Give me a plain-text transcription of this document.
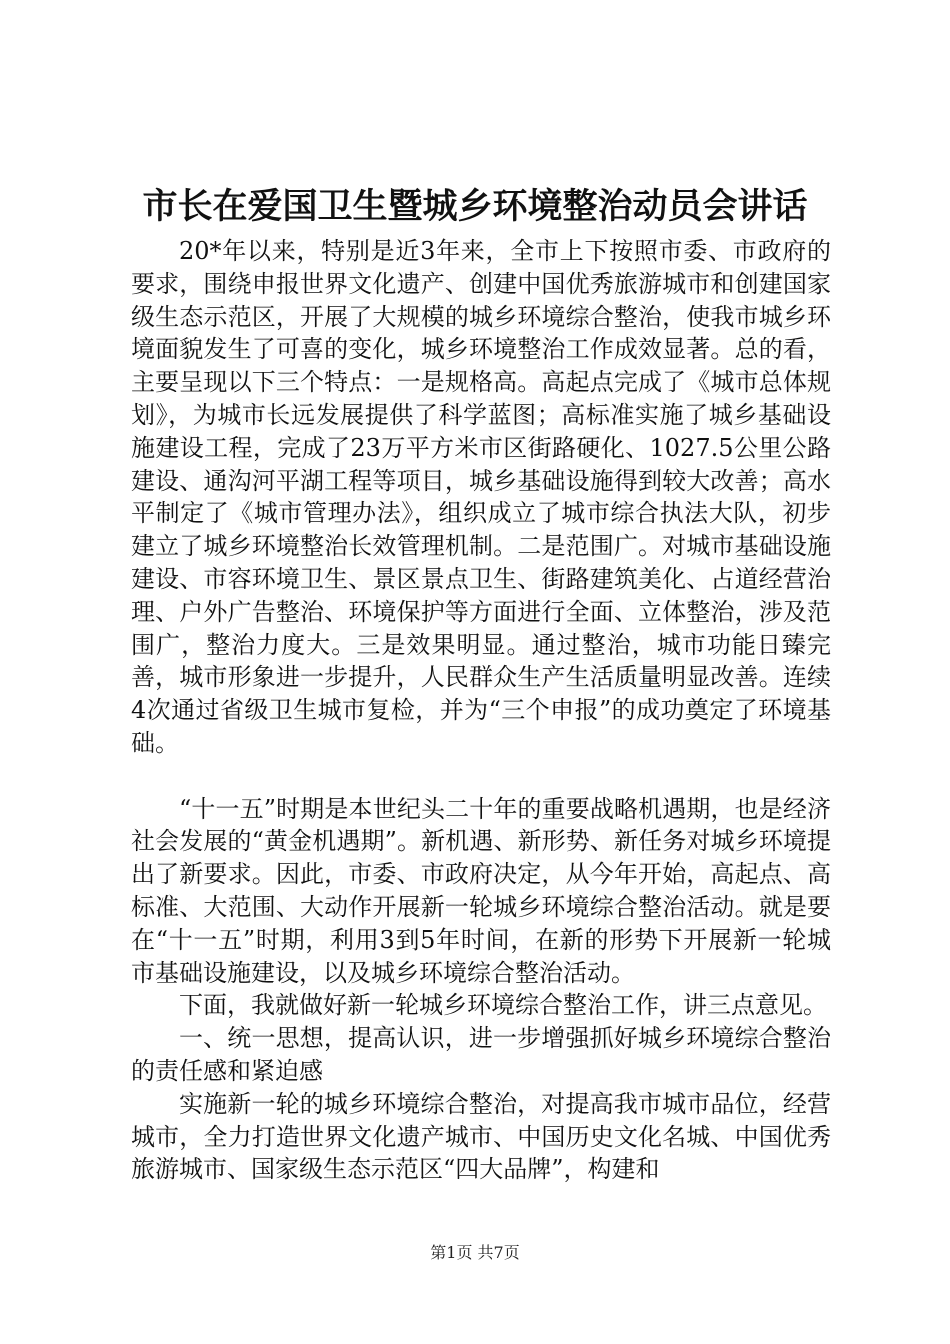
市长在爱国卫生暨城乡环境整治动员会讲话

20*年以来，特别是近3年来，全市上下按照市委、市政府的要求，围绕申报世界文化遗产、创建中国优秀旅游城市和创建国家级生态示范区，开展了大规模的城乡环境综合整治，使我市城乡环境面貌发生了可喜的变化，城乡环境整治工作成效显著。总的看，主要呈现以下三个特点：一是规格高。高起点完成了《城市总体规划》，为城市长远发展提供了科学蓝图；高标准实施了城乡基础设施建设工程，完成了23万平方米市区街路硬化、1027.5公里公路建设、通沟河平湖工程等项目，城乡基础设施得到较大改善；高水平制定了《城市管理办法》，组织成立了城市综合执法大队，初步建立了城乡环境整治长效管理机制。二是范围广。对城市基础设施建设、市容环境卫生、景区景点卫生、街路建筑美化、占道经营治理、户外广告整治、环境保护等方面进行全面、立体整治，涉及范围广，整治力度大。三是效果明显。通过整治，城市功能日臻完善，城市形象进一步提升，人民群众生产生活质量明显改善。连续4次通过省级卫生城市复检，并为“三个申报”的成功奠定了环境基础。

“十一五”时期是本世纪头二十年的重要战略机遇期，也是经济社会发展的“黄金机遇期”。新机遇、新形势、新任务对城乡环境提出了新要求。因此，市委、市政府决定，从今年开始，高起点、高标准、大范围、大动作开展新一轮城乡环境综合整治活动。就是要在“十一五”时期，利用3到5年时间，在新的形势下开展新一轮城市基础设施建设，以及城乡环境综合整治活动。

下面，我就做好新一轮城乡环境综合整治工作，讲三点意见。

一、统一思想，提高认识，进一步增强抓好城乡环境综合整治的责任感和紧迫感

实施新一轮的城乡环境综合整治，对提高我市城市品位，经营城市，全力打造世界文化遗产城市、中国历史文化名城、中国优秀旅游城市、国家级生态示范区“四大品牌”，构建和

第1页 共7页
